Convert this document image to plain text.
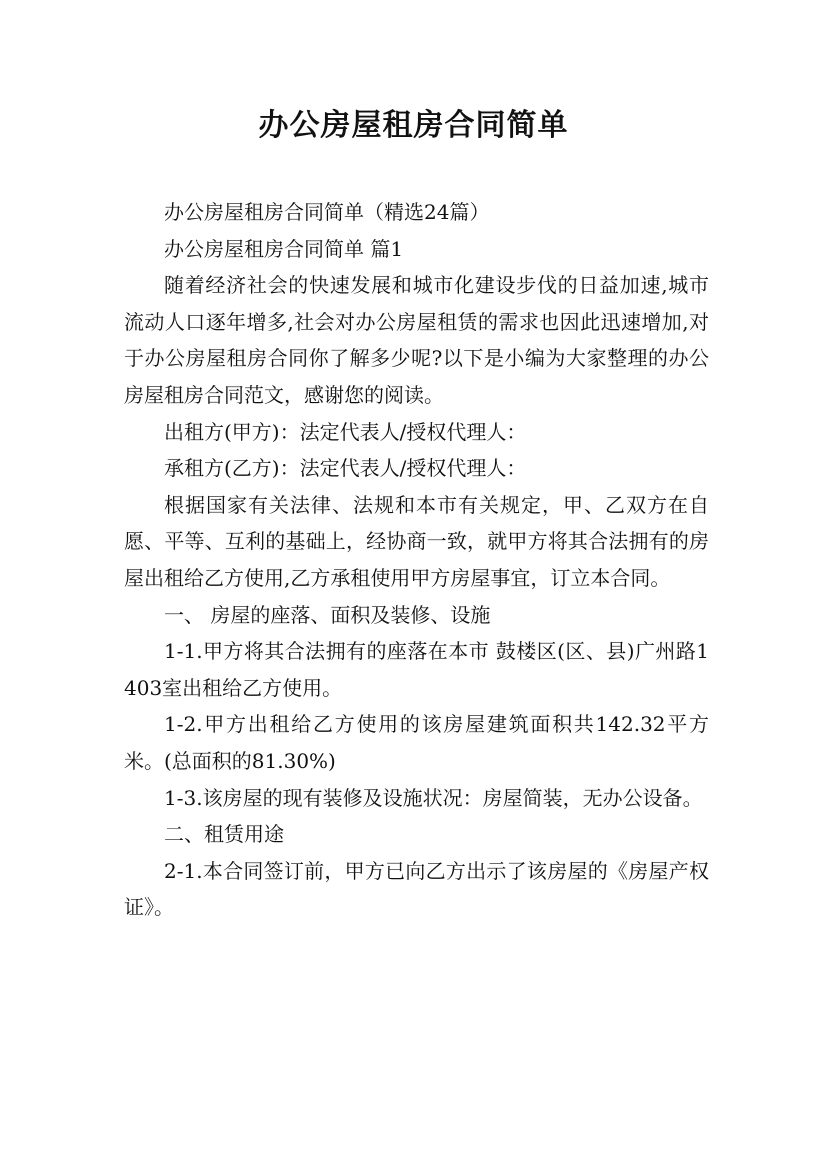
办公房屋租房合同简单

办公房屋租房合同简单（精选24篇）

办公房屋租房合同简单 篇1

随着经济社会的快速发展和城市化建设步伐的日益加速,城市流动人口逐年增多,社会对办公房屋租赁的需求也因此迅速增加,对于办公房屋租房合同你了解多少呢?以下是小编为大家整理的办公房屋租房合同范文，感谢您的阅读。

出租方(甲方)：法定代表人/授权代理人：

承租方(乙方)：法定代表人/授权代理人：

根据国家有关法律、法规和本市有关规定，甲、乙双方在自愿、平等、互利的基础上，经协商一致，就甲方将其合法拥有的房屋出租给乙方使用,乙方承租使用甲方房屋事宜，订立本合同。

一、 房屋的座落、面积及装修、设施

1-1.甲方将其合法拥有的座落在本市 鼓楼区(区、县)广州路1403室出租给乙方使用。

1-2.甲方出租给乙方使用的该房屋建筑面积共142.32平方米。(总面积的81.30%)

1-3.该房屋的现有装修及设施状况：房屋简装，无办公设备。

二、租赁用途

2-1.本合同签订前，甲方已向乙方出示了该房屋的《房屋产权证》。
